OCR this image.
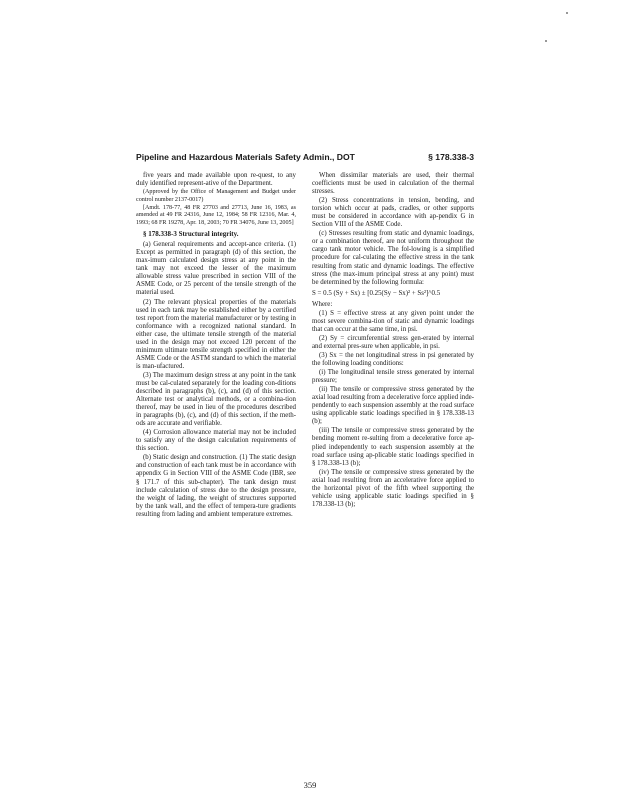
Pipeline and Hazardous Materials Safety Admin., DOT	§ 178.338-3

five years and made available upon re-quest, to any duly identified represent-ative of the Department.

(Approved by the Office of Management and Budget under control number 2137-0017)

[Amdt. 178-77, 48 FR 27703 and 27713, June 16, 1983, as amended at 49 FR 24316, June 12, 1984; 58 FR 12316, Mar. 4, 1993; 68 FR 19278, Apr. 18, 2003; 70 FR 34076, June 13, 2005]

§ 178.338-3 Structural integrity.

(a) General requirements and accept-ance criteria. (1) Except as permitted in paragraph (d) of this section, the max-imum calculated design stress at any point in the tank may not exceed the lesser of the maximum allowable stress value prescribed in section VIII of the ASME Code, or 25 percent of the tensile strength of the material used.

(2) The relevant physical properties of the materials used in each tank may be established either by a certified test report from the material manufacturer or by testing in conformance with a recognized national standard. In either case, the ultimate tensile strength of the material used in the design may not exceed 120 percent of the minimum ultimate tensile strength specified in either the ASME Code or the ASTM standard to which the material is man-ufactured.

(3) The maximum design stress at any point in the tank must be cal-culated separately for the loading con-ditions described in paragraphs (b), (c), and (d) of this section. Alternate test or analytical methods, or a combina-tion thereof, may be used in lieu of the procedures described in paragraphs (b), (c), and (d) of this section, if the meth-ods are accurate and verifiable.

(4) Corrosion allowance material may not be included to satisfy any of the design calculation requirements of this section.

(b) Static design and construction. (1) The static design and construction of each tank must be in accordance with appendix G in Section VIII of the ASME Code (IBR, see § 171.7 of this sub-chapter). The tank design must include calculation of stress due to the design pressure, the weight of lading, the weight of structures supported by the tank wall, and the effect of tempera-ture gradients resulting from lading and ambient temperature extremes.

When dissimilar materials are used, their thermal coefficients must be used in calculation of the thermal stresses.

(2) Stress concentrations in tension, bending, and torsion which occur at pads, cradles, or other supports must be considered in accordance with ap-pendix G in Section VIII of the ASME Code.

(c) Stresses resulting from static and dynamic loadings, or a combination thereof, are not uniform throughout the cargo tank motor vehicle. The fol-lowing is a simplified procedure for cal-culating the effective stress in the tank resulting from static and dynamic loadings. The effective stress (the max-imum principal stress at any point) must be determined by the following formula:

S = 0.5 (Sy + Sx) ± [0.25(Sy − Sx)² + Ss²]^0.5

Where:

(1) S = effective stress at any given point under the most severe combina-tion of static and dynamic loadings that can occur at the same time, in psi.

(2) Sy = circumferential stress gen-erated by internal and external pres-sure when applicable, in psi.

(3) Sx = the net longitudinal stress in psi generated by the following loading conditions:

(i) The longitudinal tensile stress generated by internal pressure;

(ii) The tensile or compressive stress generated by the axial load resulting from a decelerative force applied inde-pendently to each suspension assembly at the road surface using applicable static loadings specified in § 178.338-13 (b);

(iii) The tensile or compressive stress generated by the bending moment re-sulting from a decelerative force ap-plied independently to each suspension assembly at the road surface using ap-plicable static loadings specified in § 178.338-13 (b);

(iv) The tensile or compressive stress generated by the axial load resulting from an accelerative force applied to the horizontal pivot of the fifth wheel supporting the vehicle using applicable static loadings specified in § 178.338-13 (b);

359
